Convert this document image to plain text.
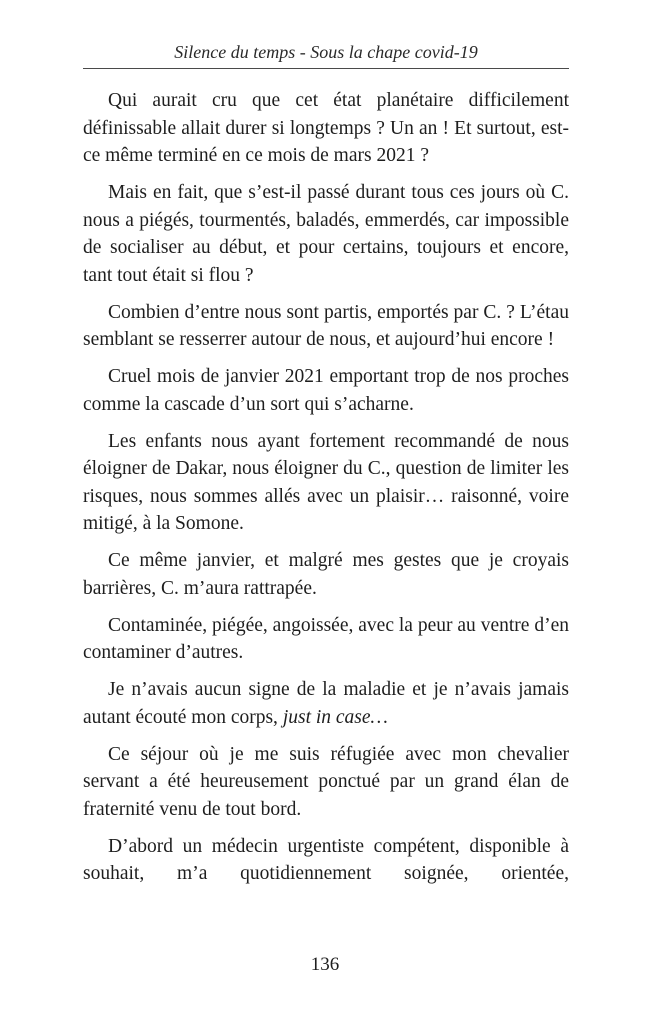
Silence du temps - Sous la chape covid-19

Qui aurait cru que cet état planétaire difficilement définissable allait durer si longtemps ? Un an ! Et surtout, est-ce même terminé en ce mois de mars 2021 ?

Mais en fait, que s’est-il passé durant tous ces jours où C. nous a piégés, tourmentés, baladés, emmerdés, car impossible de socialiser au début, et pour certains, toujours et encore, tant tout était si flou ?

Combien d’entre nous sont partis, emportés par C. ? L’étau semblant se resserrer autour de nous, et aujourd’hui encore !

Cruel mois de janvier 2021 emportant trop de nos proches comme la cascade d’un sort qui s’acharne.

Les enfants nous ayant fortement recommandé de nous éloigner de Dakar, nous éloigner du C., question de limiter les risques, nous sommes allés avec un plaisir… raisonné, voire mitigé, à la Somone.

Ce même janvier, et malgré mes gestes que je croyais barrières, C. m’aura rattrapée.

Contaminée, piégée, angoissée, avec la peur au ventre d’en contaminer d’autres.

Je n’avais aucun signe de la maladie et je n’avais jamais autant écouté mon corps, just in case…

Ce séjour où je me suis réfugiée avec mon chevalier servant a été heureusement ponctué par un grand élan de fraternité venu de tout bord.

D’abord un médecin urgentiste compétent, disponible à souhait, m’a quotidiennement soignée, orientée,

136
